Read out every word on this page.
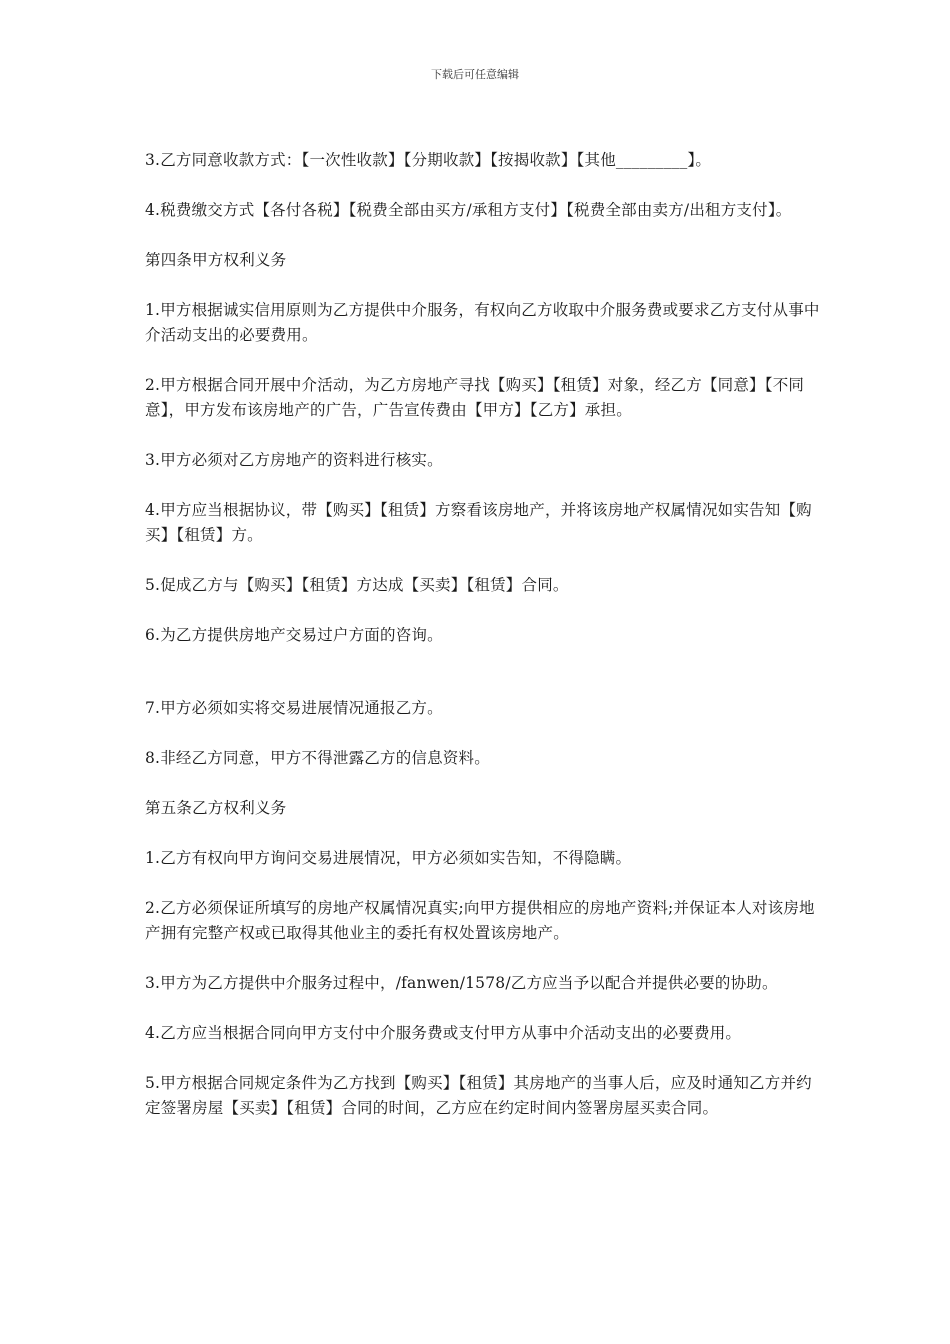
下载后可任意编辑

3.乙方同意收款方式：【一次性收款】【分期收款】【按揭收款】【其他_________】。

4.税费缴交方式【各付各税】【税费全部由买方/承租方支付】【税费全部由卖方/出租方支付】。

第四条甲方权利义务

1.甲方根据诚实信用原则为乙方提供中介服务，有权向乙方收取中介服务费或要求乙方支付从事中介活动支出的必要费用。

2.甲方根据合同开展中介活动，为乙方房地产寻找【购买】【租赁】对象，经乙方【同意】【不同意】，甲方发布该房地产的广告，广告宣传费由【甲方】【乙方】承担。

3.甲方必须对乙方房地产的资料进行核实。

4.甲方应当根据协议，带【购买】【租赁】方察看该房地产，并将该房地产权属情况如实告知【购买】【租赁】方。

5.促成乙方与【购买】【租赁】方达成【买卖】【租赁】合同。

6.为乙方提供房地产交易过户方面的咨询。

7.甲方必须如实将交易进展情况通报乙方。

8.非经乙方同意，甲方不得泄露乙方的信息资料。

第五条乙方权利义务

1.乙方有权向甲方询问交易进展情况，甲方必须如实告知，不得隐瞒。

2.乙方必须保证所填写的房地产权属情况真实;向甲方提供相应的房地产资料;并保证本人对该房地产拥有完整产权或已取得其他业主的委托有权处置该房地产。

3.甲方为乙方提供中介服务过程中，/fanwen/1578/乙方应当予以配合并提供必要的协助。

4.乙方应当根据合同向甲方支付中介服务费或支付甲方从事中介活动支出的必要费用。

5.甲方根据合同规定条件为乙方找到【购买】【租赁】其房地产的当事人后，应及时通知乙方并约定签署房屋【买卖】【租赁】合同的时间，乙方应在约定时间内签署房屋买卖合同。
